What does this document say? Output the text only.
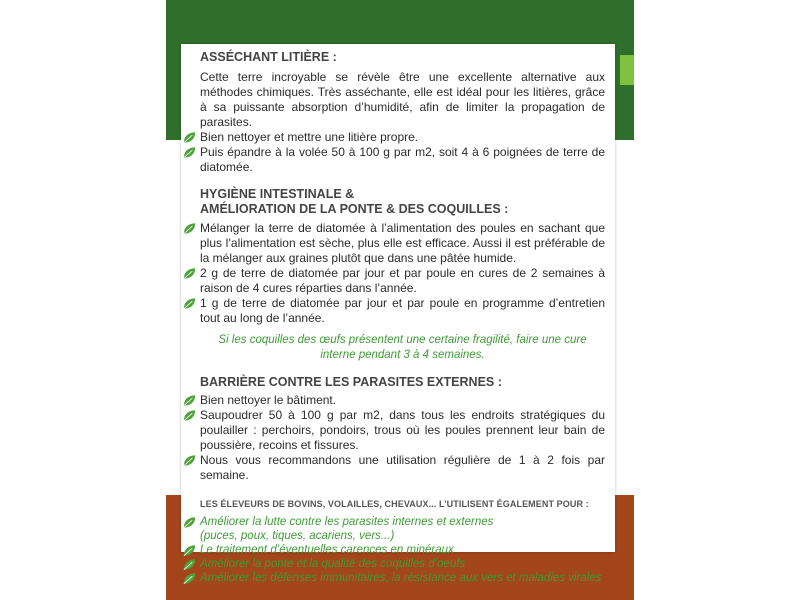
ASSÉCHANT LITIÈRE :
Cette terre incroyable se révèle être une excellente alternative aux méthodes chimiques. Très asséchante, elle est idéal pour les litières, grâce à sa puissante absorption d’humidité, afin de limiter la propagation de parasites.
Bien nettoyer et mettre une litière propre.
Puis épandre à la volée 50 à 100 g par m2, soit 4 à 6 poignées de terre de diatomée.
HYGIÈNE INTESTINALE &
AMÉLIORATION DE LA PONTE & DES COQUILLES :
Mélanger la terre de diatomée à l’alimentation des poules en sachant que plus l’alimentation est sèche, plus elle est efficace. Aussi il est préférable de la mélanger aux graines plutôt que dans une pâtée humide.
2 g de terre de diatomée par jour et par poule en cures de 2 semaines à raison de 4 cures réparties dans l’année.
1 g de terre de diatomée par jour et par poule en programme d’entretien tout au long de l’année.
Si les coquilles des œufs présentent une certaine fragilité, faire une cure interne pendant 3 à 4 semaines.
BARRIÈRE CONTRE LES PARASITES EXTERNES :
Bien nettoyer le bâtiment.
Saupoudrer 50 à 100 g par m2, dans tous les endroits stratégiques du poulailler : perchoirs, pondoirs, trous où les poules prennent leur bain de poussière, recoins et fissures.
Nous vous recommandons une utilisation régulière de 1 à 2 fois par semaine.
LES ÉLEVEURS DE BOVINS, VOLAILLES, CHEVAUX... L’UTILISENT ÉGALEMENT POUR :
Améliorer la lutte contre les parasites internes et externes
(puces, poux, tiques, acariens, vers...)
Le traitement d’éventuelles carences en minéraux
Améliorer la ponte et la qualité des coquilles d’oeufs
Améliorer les défenses immunitaires, la résistance aux vers et maladies virales
